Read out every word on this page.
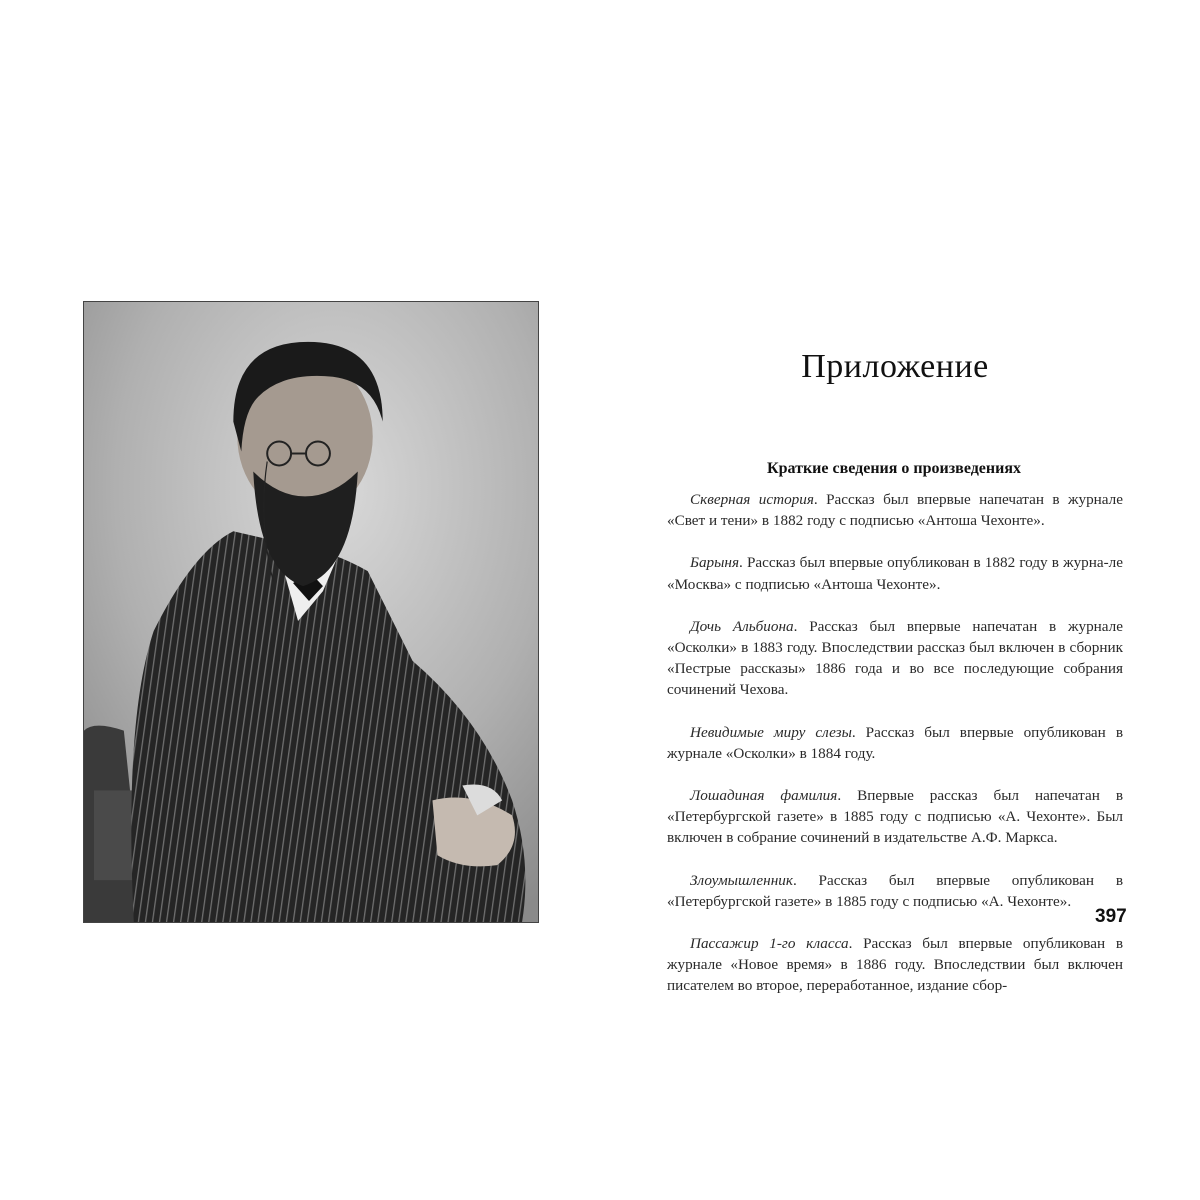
Приложение
Краткие сведения о произведениях

Скверная история. Рассказ был впервые напечатан в журнале «Свет и тени» в 1882 году с подписью «Антоша Чехонте».

Барыня. Рассказ был впервые опубликован в 1882 году в журна-ле «Москва» с подписью «Антоша Чехонте».

Дочь Альбиона. Рассказ был впервые напечатан в журнале «Осколки» в 1883 году. Впоследствии рассказ был включен в сборник «Пестрые рассказы» 1886 года и во все последующие собрания сочинений Чехова.

Невидимые миру слезы. Рассказ был впервые опубликован в журнале «Осколки» в 1884 году.

Лошадиная фамилия. Впервые рассказ был напечатан в «Петербургской газете» в 1885 году с подписью «А. Чехонте». Был включен в собрание сочинений в издательстве А.Ф. Маркса.

Злоумышленник. Рассказ был впервые опубликован в «Петербургской газете» в 1885 году с подписью «А. Чехонте».

Пассажир 1-го класса. Рассказ был впервые опубликован в журнале «Новое время» в 1886 году. Впоследствии был включен писателем во второе, переработанное, издание сбор-

397
